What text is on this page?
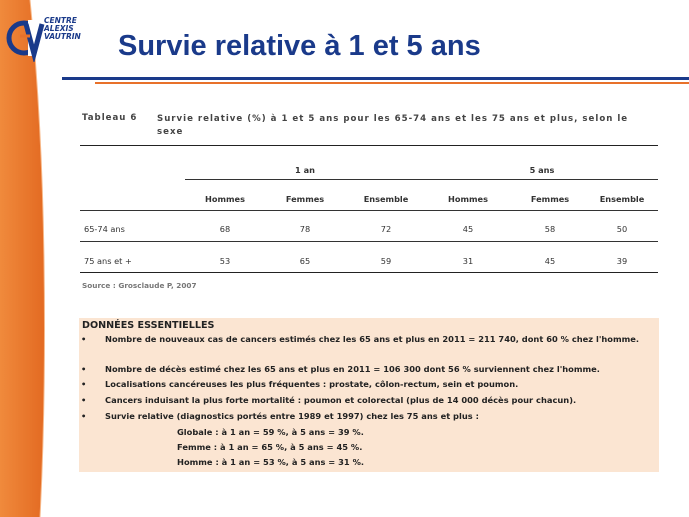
CENTRE
ALEXIS
VAUTRIN Survie relative à 1 et 5 ans
Tableau 6 Survie relative (%) à 1 et 5 ans pour les 65-74 ans et les 75 ans et plus, selon le sexe
1 an	5 ans
Hommes	Femmes	Ensemble	Hommes	Femmes	Ensemble
65-74 ans	68	78	72	45	58	50
75 ans et +	53	65	59	31	45	39
Source : Grosclaude P, 2007
DONNÉES ESSENTIELLES
• Nombre de nouveaux cas de cancers estimés chez les 65 ans et plus en 2011 = 211 740, dont 60 % chez l'homme.
• Nombre de décès estimé chez les 65 ans et plus en 2011 = 106 300 dont 56 % surviennent chez l'homme.
• Localisations cancéreuses les plus fréquentes : prostate, côlon-rectum, sein et poumon.
• Cancers induisant la plus forte mortalité : poumon et colorectal (plus de 14 000 décès pour chacun).
• Survie relative (diagnostics portés entre 1989 et 1997) chez les 75 ans et plus :
Globale : à 1 an = 59 %, à 5 ans = 39 %.
Femme : à 1 an = 65 %, à 5 ans = 45 %.
Homme : à 1 an = 53 %, à 5 ans = 31 %.
